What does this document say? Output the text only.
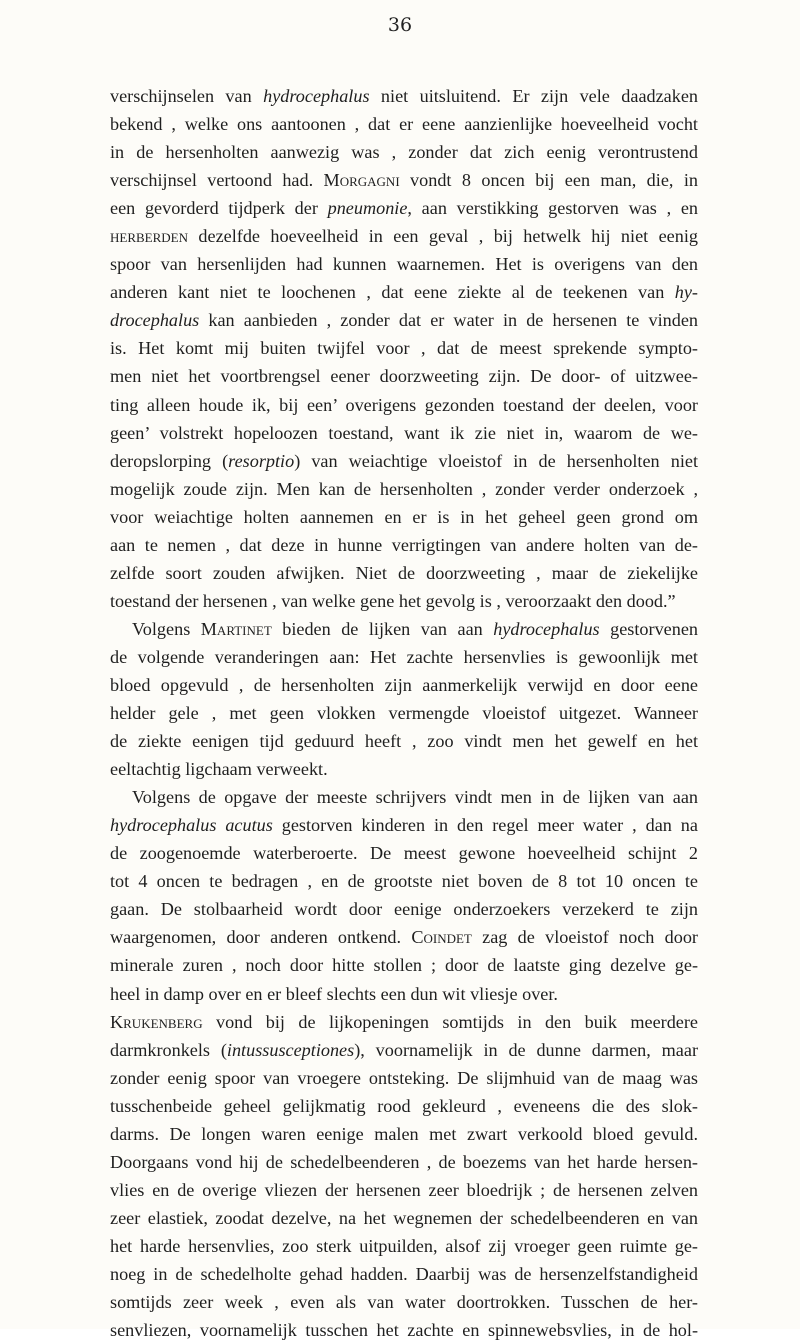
36
verschijnselen van hydrocephalus niet uitsluitend. Er zijn vele daadzaken
bekend , welke ons aantoonen , dat er eene aanzienlijke hoeveelheid vocht
in de hersenholten aanwezig was , zonder dat zich eenig verontrustend
verschijnsel vertoond had. Morgagni vondt 8 oncen bij een man, die, in
een gevorderd tijdperk der pneumonie, aan verstikking gestorven was , en
herberden dezelfde hoeveelheid in een geval , bij hetwelk hij niet eenig
spoor van hersenlijden had kunnen waarnemen. Het is overigens van den
anderen kant niet te loochenen , dat eene ziekte al de teekenen van hy-
drocephalus kan aanbieden , zonder dat er water in de hersenen te vinden
is. Het komt mij buiten twijfel voor , dat de meest sprekende sympto-
men niet het voortbrengsel eener doorzweeting zijn. De door- of uitzwee-
ting alleen houde ik, bij een’ overigens gezonden toestand der deelen, voor
geen’ volstrekt hopeloozen toestand, want ik zie niet in, waarom de we-
deropslorping (resorptio) van weiachtige vloeistof in de hersenholten niet
mogelijk zoude zijn. Men kan de hersenholten , zonder verder onderzoek ,
voor weiachtige holten aannemen en er is in het geheel geen grond om
aan te nemen , dat deze in hunne verrigtingen van andere holten van de-
zelfde soort zouden afwijken. Niet de doorzweeting , maar de ziekelijke
toestand der hersenen , van welke gene het gevolg is , veroorzaakt den dood.”
Volgens Martinet bieden de lijken van aan hydrocephalus gestorvenen
de volgende veranderingen aan: Het zachte hersenvlies is gewoonlijk met
bloed opgevuld , de hersenholten zijn aanmerkelijk verwijd en door eene
helder gele , met geen vlokken vermengde vloeistof uitgezet. Wanneer
de ziekte eenigen tijd geduurd heeft , zoo vindt men het gewelf en het
eeltachtig ligchaam verweekt.
Volgens de opgave der meeste schrijvers vindt men in de lijken van aan
hydrocephalus acutus gestorven kinderen in den regel meer water , dan na
de zoogenoemde waterberoerte. De meest gewone hoeveelheid schijnt 2
tot 4 oncen te bedragen , en de grootste niet boven de 8 tot 10 oncen te
gaan. De stolbaarheid wordt door eenige onderzoekers verzekerd te zijn
waargenomen, door anderen ontkend. Coindet zag de vloeistof noch door
minerale zuren , noch door hitte stollen ; door de laatste ging dezelve ge-
heel in damp over en er bleef slechts een dun wit vliesje over.
Krukenberg vond bij de lijkopeningen somtijds in den buik meerdere
darmkronkels (intussusceptiones), voornamelijk in de dunne darmen, maar
zonder eenig spoor van vroegere ontsteking. De slijmhuid van de maag was
tusschenbeide geheel gelijkmatig rood gekleurd , eveneens die des slok-
darms. De longen waren eenige malen met zwart verkoold bloed gevuld.
Doorgaans vond hij de schedelbeenderen , de boezems van het harde hersen-
vlies en de overige vliezen der hersenen zeer bloedrijk ; de hersenen zelven
zeer elastiek, zoodat dezelve, na het wegnemen der schedelbeenderen en van
het harde hersenvlies, zoo sterk uitpuilden, alsof zij vroeger geen ruimte ge-
noeg in de schedelholte gehad hadden. Daarbij was de hersenzelfstandigheid
somtijds zeer week , even als van water doortrokken. Tusschen de her-
senvliezen, voornamelijk tusschen het zachte en spinnewebsvlies, in de hol-
